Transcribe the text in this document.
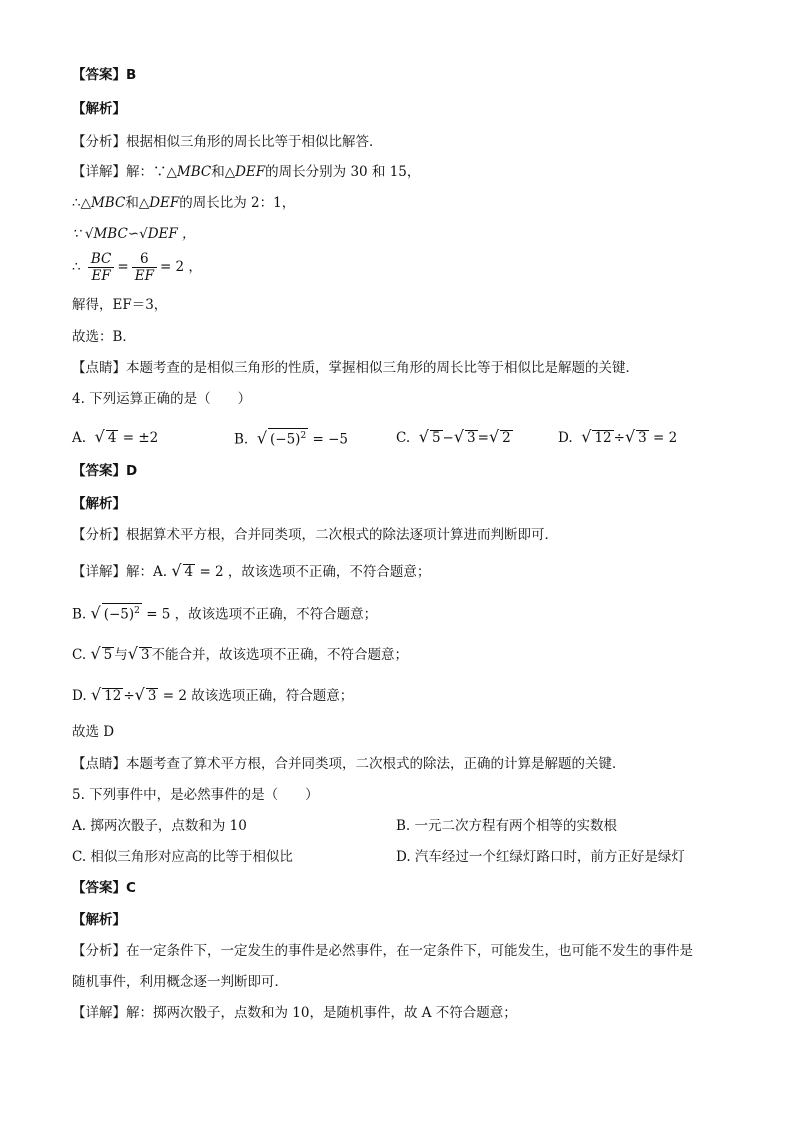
【答案】B
【解析】
【分析】根据相似三角形的周长比等于相似比解答．
【详解】解：∵△MBC和△DEF的周长分别为 30 和 15，
∴△MBC和△DEF的周长比为 2：1，
∵ √MBC∽√DEF ，
∴ $\frac{BC}{EF} = \frac{6}{EF} = 2$ ，
解得，EF＝3，
故选：B．
【点睛】本题考查的是相似三角形的性质，掌握相似三角形的周长比等于相似比是解题的关键．
4. 下列运算正确的是（　　）
A. √ 4 = ±2	B. √ $(-5)^2 = -5$	C. √ 5 −√ 3 =√ 2	D. √ 12 ÷√ 3 = 2
【答案】D
【解析】
【分析】根据算术平方根，合并同类项，二次根式的除法逐项计算进而判断即可．
【详解】解：A. √ 4 = 2 ，故该选项不正确，不符合题意；
B. √ $(-5)^2 = 5$ ，故该选项不正确，不符合题意；
C. √ 5 与√ 3 不能合并，故该选项不正确，不符合题意；
D. √ 12 ÷√ 3 = 2 故该选项正确，符合题意；
故选 D
【点睛】本题考查了算术平方根，合并同类项，二次根式的除法，正确的计算是解题的关键．
5. 下列事件中，是必然事件的是（　　）
A. 掷两次骰子，点数和为 10	B. 一元二次方程有两个相等的实数根
C. 相似三角形对应高的比等于相似比	D. 汽车经过一个红绿灯路口时，前方正好是绿灯
【答案】C
【解析】
【分析】在一定条件下，一定发生的事件是必然事件，在一定条件下，可能发生，也可能不发生的事件是
随机事件，利用概念逐一判断即可．
【详解】解：掷两次骰子，点数和为 10，是随机事件，故 A 不符合题意；
